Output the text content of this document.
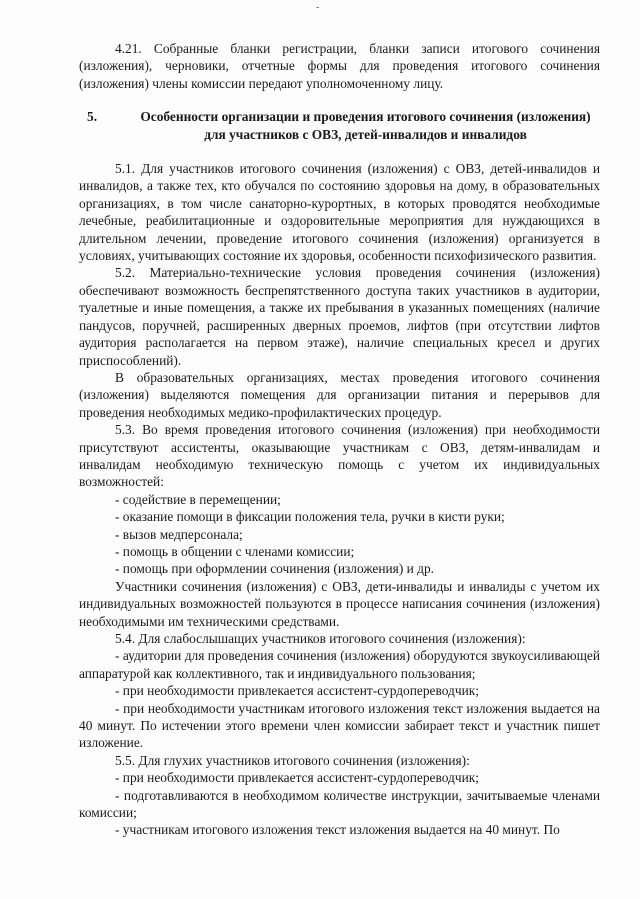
-

4.21. Собранные бланки регистрации, бланки записи итогового сочинения (изложения), черновики, отчетные формы для проведения итогового сочинения (изложения) члены комиссии передают уполномоченному лицу.

5.	Особенности организации и проведения итогового сочинения (изложения) для участников с ОВЗ, детей-инвалидов и инвалидов

5.1. Для участников итогового сочинения (изложения) с ОВЗ, детей-инвалидов и инвалидов, а также тех, кто обучался по состоянию здоровья на дому, в образовательных организациях, в том числе санаторно-курортных, в которых проводятся необходимые лечебные, реабилитационные и оздоровительные мероприятия для нуждающихся в длительном лечении, проведение итогового сочинения (изложения) организуется в условиях, учитывающих состояние их здоровья, особенности психофизического развития.

5.2. Материально-технические условия проведения сочинения (изложения) обеспечивают возможность беспрепятственного доступа таких участников в аудитории, туалетные и иные помещения, а также их пребывания в указанных помещениях (наличие пандусов, поручней, расширенных дверных проемов, лифтов (при отсутствии лифтов аудитория располагается на первом этаже), наличие специальных кресел и других приспособлений).

В образовательных организациях, местах проведения итогового сочинения (изложения) выделяются помещения для организации питания и перерывов для проведения необходимых медико-профилактических процедур.

5.3. Во время проведения итогового сочинения (изложения) при необходимости присутствуют ассистенты, оказывающие участникам с ОВЗ, детям-инвалидам и инвалидам необходимую техническую помощь с учетом их индивидуальных возможностей:

- содействие в перемещении;

- оказание помощи в фиксации положения тела, ручки в кисти руки;

- вызов медперсонала;

- помощь в общении с членами комиссии;

- помощь при оформлении сочинения (изложения) и др.

Участники сочинения (изложения) с ОВЗ, дети-инвалиды и инвалиды с учетом их индивидуальных возможностей пользуются в процессе написания сочинения (изложения) необходимыми им техническими средствами.

5.4. Для слабослышащих участников итогового сочинения (изложения):

- аудитории для проведения сочинения (изложения) оборудуются звукоусиливающей аппаратурой как коллективного, так и индивидуального пользования;

- при необходимости привлекается ассистент-сурдопереводчик;

- при необходимости участникам итогового изложения текст изложения выдается на 40 минут. По истечении этого времени член комиссии забирает текст и участник пишет изложение.

5.5. Для глухих участников итогового сочинения (изложения):

- при необходимости привлекается ассистент-сурдопереводчик;

- подготавливаются в необходимом количестве инструкции, зачитываемые членами комиссии;

- участникам итогового изложения текст изложения выдается на 40 минут. По
